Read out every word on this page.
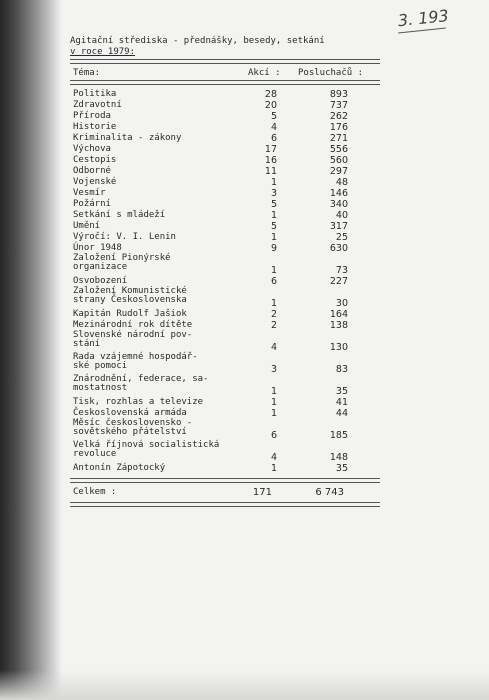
3. 193
Agitační střediska - přednášky, besedy, setkání
v roce 1979:
Téma:	Akcí :	Posluchačů :
Politika	28	893
Zdravotní	20	737
Příroda	5	262
Historie	4	176
Kriminalita - zákony	6	271
Výchova	17	556
Cestopis	16	560
Odborné	11	297
Vojenské	1	48
Vesmír	3	146
Požární	5	340
Setkání s mládeží	1	40
Umění	5	317
Výročí: V. I. Lenin	1	25
Únor 1948	9	630
Založení Pionýrské
organizace	1	73
Osvobození	6	227
Založení Komunistické
strany Československa	1	30
Kapitán Rudolf Jašiok	2	164
Mezinárodní rok dítěte	2	138
Slovenské národní pov-
stání	4	130
Rada vzájemné hospodář-
ské pomoci	3	83
Znárodnění, federace, sa-
mostatnost	1	35
Tisk, rozhlas a televize	1	41
Československá armáda	1	44
Měsíc československo -
sovětského přátelství	6	185
Velká říjnová socialistická
revoluce	4	148
Antonín Zápotocký	1	35
Celkem :	171	6 743
